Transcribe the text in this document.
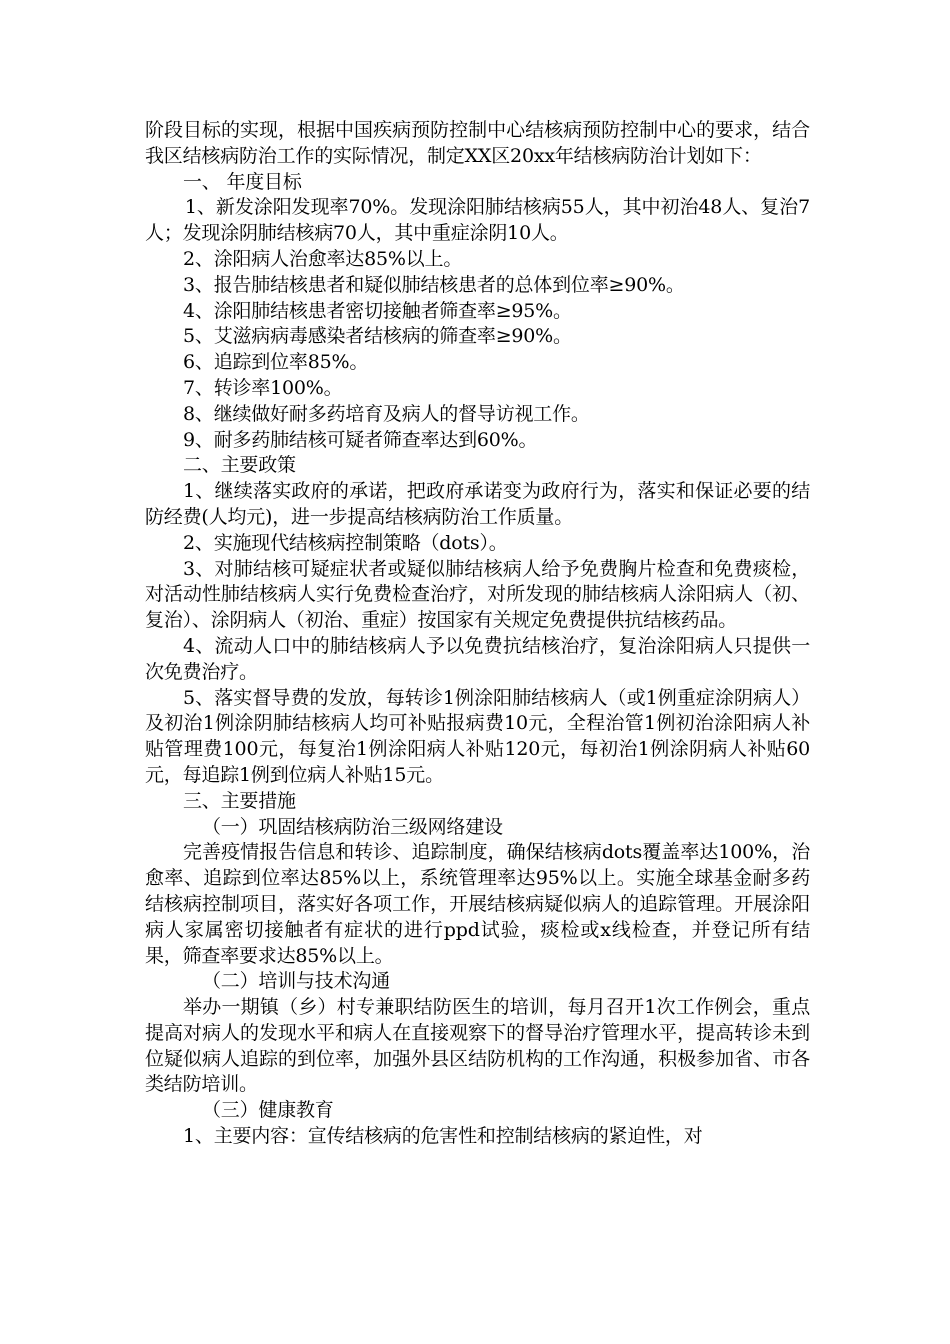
阶段目标的实现，根据中国疾病预防控制中心结核病预防控制中心的要求，结合我区结核病防治工作的实际情况，制定XX区20xx年结核病防治计划如下：

一、 年度目标

1、新发涂阳发现率70%。发现涂阳肺结核病55人，其中初治48人、复治7人；发现涂阴肺结核病70人，其中重症涂阴10人。

2、涂阳病人治愈率达85%以上。

3、报告肺结核患者和疑似肺结核患者的总体到位率≥90%。

4、涂阳肺结核患者密切接触者筛查率≥95%。

5、艾滋病病毒感染者结核病的筛查率≥90%。

6、追踪到位率85%。

7、转诊率100%。

8、继续做好耐多药培育及病人的督导访视工作。

9、耐多药肺结核可疑者筛查率达到60%。

二、主要政策

1、继续落实政府的承诺，把政府承诺变为政府行为，落实和保证必要的结防经费(人均元)，进一步提高结核病防治工作质量。

2、实施现代结核病控制策略（dots）。

3、对肺结核可疑症状者或疑似肺结核病人给予免费胸片检查和免费痰检，对活动性肺结核病人实行免费检查治疗，对所发现的肺结核病人涂阳病人（初、复治）、涂阴病人（初治、重症）按国家有关规定免费提供抗结核药品。

4、流动人口中的肺结核病人予以免费抗结核治疗，复治涂阳病人只提供一次免费治疗。

5、落实督导费的发放，每转诊1例涂阳肺结核病人（或1例重症涂阴病人）及初治1例涂阴肺结核病人均可补贴报病费10元，全程治管1例初治涂阳病人补贴管理费100元，每复治1例涂阳病人补贴120元，每初治1例涂阴病人补贴60元，每追踪1例到位病人补贴15元。

三、主要措施

（一）巩固结核病防治三级网络建设

完善疫情报告信息和转诊、追踪制度，确保结核病dots覆盖率达100%，治愈率、追踪到位率达85%以上，系统管理率达95%以上。实施全球基金耐多药结核病控制项目，落实好各项工作，开展结核病疑似病人的追踪管理。开展涂阳病人家属密切接触者有症状的进行ppd试验，痰检或x线检查，并登记所有结果，筛查率要求达85%以上。

（二）培训与技术沟通

举办一期镇（乡）村专兼职结防医生的培训，每月召开1次工作例会，重点提高对病人的发现水平和病人在直接观察下的督导治疗管理水平，提高转诊未到位疑似病人追踪的到位率，加强外县区结防机构的工作沟通，积极参加省、市各类结防培训。

（三）健康教育

1、主要内容：宣传结核病的危害性和控制结核病的紧迫性，对
